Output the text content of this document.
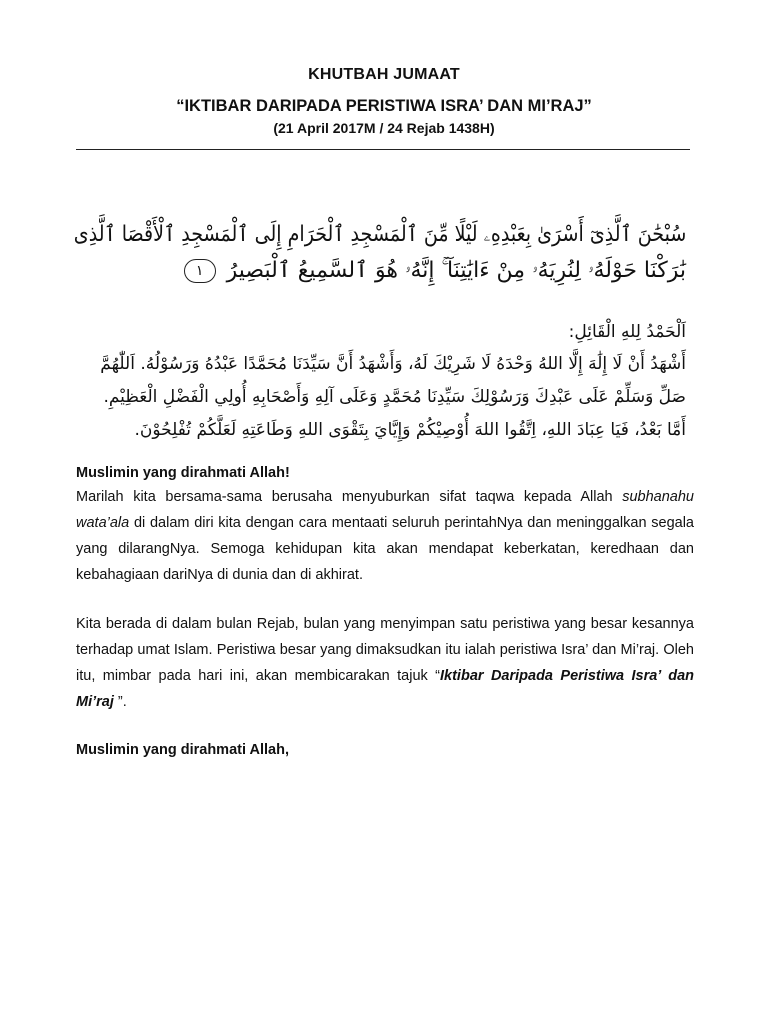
KHUTBAH JUMAAT
“IKTIBAR DARIPADA PERISTIWA ISRA’ DAN MI’RAJ”
(21 April 2017M / 24 Rejab 1438H)
سُبْحَٰنَ ٱلَّذِىٓ أَسْرَىٰ بِعَبْدِهِۦ لَيْلًا مِّنَ ٱلْمَسْجِدِ ٱلْحَرَامِ إِلَى ٱلْمَسْجِدِ ٱلْأَقْصَا ٱلَّذِى
بَٰرَكْنَا حَوْلَهُۥ لِنُرِيَهُۥ مِنْ ءَايَٰتِنَآ ۚ إِنَّهُۥ هُوَ ٱلسَّمِيعُ ٱلْبَصِيرُ ١
اَلْحَمْدُ لِلهِ الْقَائِلِ:
أَشْهَدُ أَنْ لَا إِلَٰهَ إِلَّا اللهُ وَحْدَهُ لَا شَرِيْكَ لَهُ، وَأَشْهَدُ أَنَّ سَيِّدَنَا مُحَمَّدًا عَبْدُهُ وَرَسُوْلُهُ. اَللّٰهُمَّ
صَلِّ وَسَلِّمْ عَلَى عَبْدِكَ وَرَسُوْلِكَ سَيِّدِنَا مُحَمَّدٍ وَعَلَى آلِهِ وَأَصْحَابِهِ أُولِي الْفَضْلِ الْعَظِيْمِ.
أَمَّا بَعْدُ، فَيَا عِبَادَ اللهِ، اِتَّقُوا اللهَ أُوْصِيْكُمْ وَإِيَّايَ بِتَقْوَى اللهِ وَطَاعَتِهِ لَعَلَّكُمْ تُفْلِحُوْنَ.
Muslimin yang dirahmati Allah!
Marilah kita bersama-sama berusaha menyuburkan sifat taqwa kepada Allah subhanahu wata’ala di dalam diri kita dengan cara mentaati seluruh perintahNya dan meninggalkan segala yang dilarangNya. Semoga kehidupan kita akan mendapat keberkatan, keredhaan dan kebahagiaan dariNya di dunia dan di akhirat.
Kita berada di dalam bulan Rejab, bulan yang menyimpan satu peristiwa yang besar kesannya terhadap umat Islam. Peristiwa besar yang dimaksudkan itu ialah peristiwa Isra’ dan Mi’raj. Oleh itu, mimbar pada hari ini, akan membicarakan tajuk “Iktibar Daripada Peristiwa Isra’ dan Mi’raj ”.
Muslimin yang dirahmati Allah,
